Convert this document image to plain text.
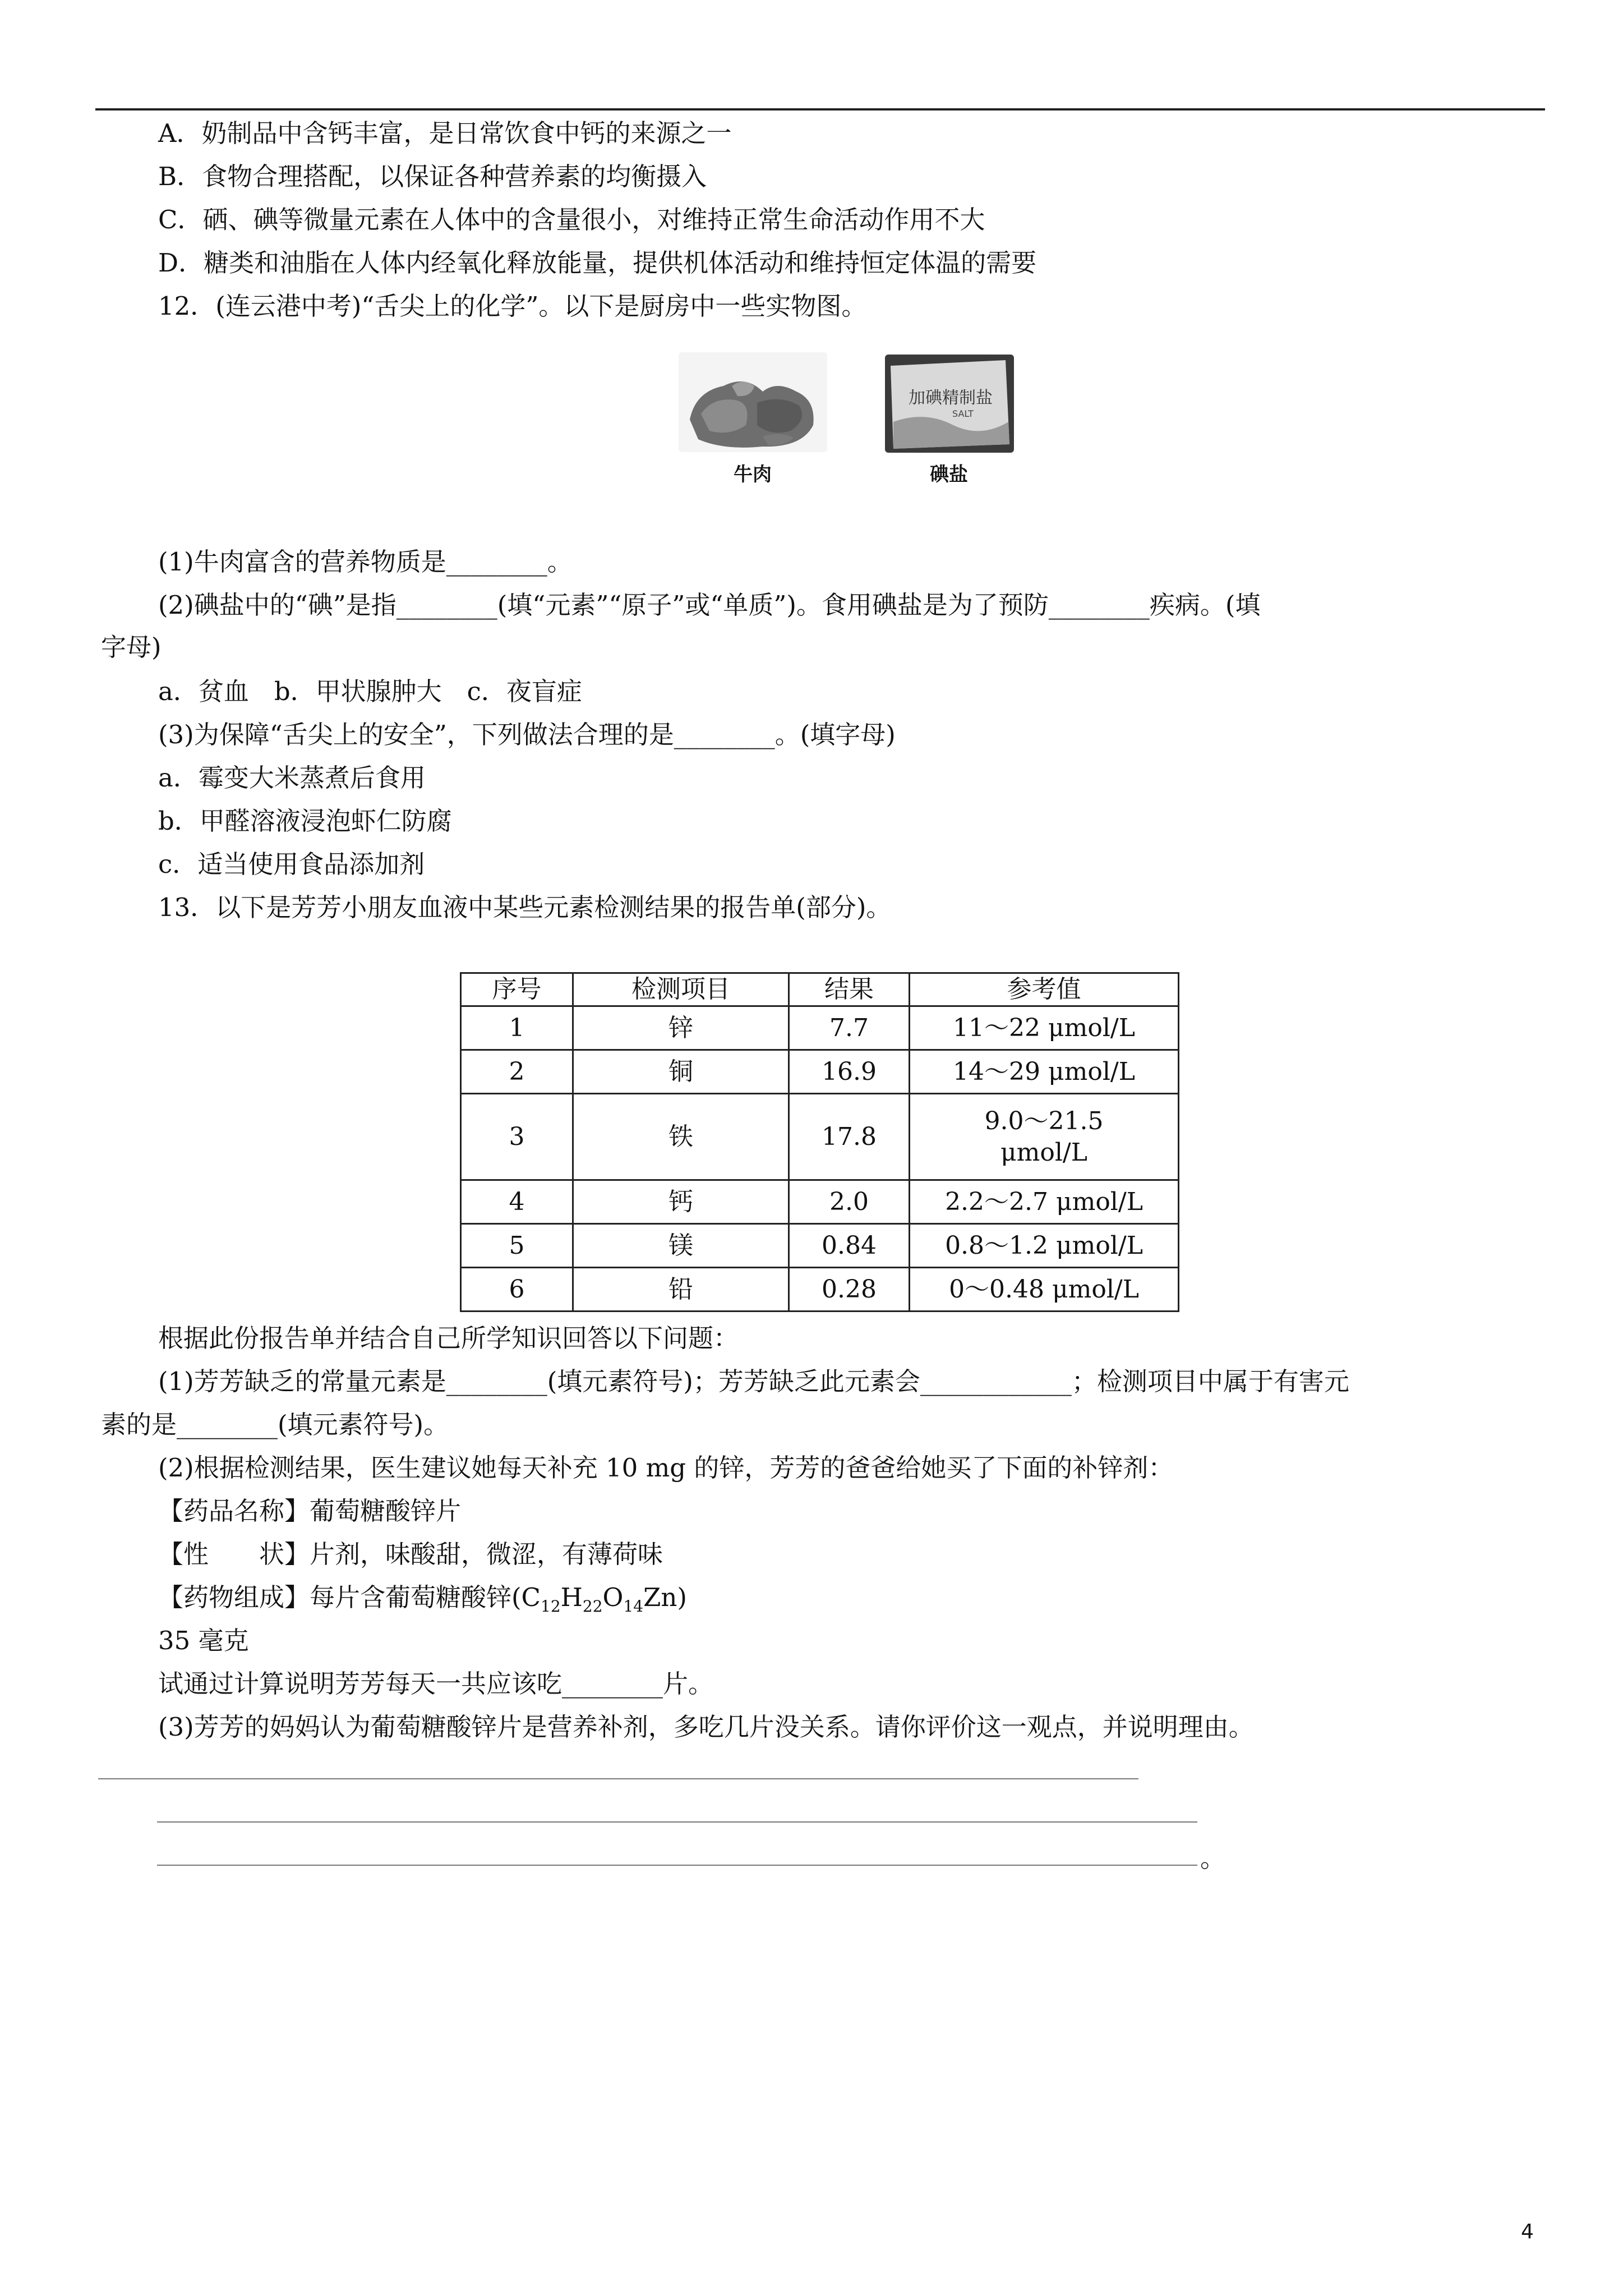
A．奶制品中含钙丰富，是日常饮食中钙的来源之一
B．食物合理搭配，以保证各种营养素的均衡摄入
C．硒、碘等微量元素在人体中的含量很小，对维持正常生命活动作用不大
D．糖类和油脂在人体内经氧化释放能量，提供机体活动和维持恒定体温的需要
12．(连云港中考)“舌尖上的化学”。以下是厨房中一些实物图。
加碘精制盐
SALT
牛肉	碘盐
(1)牛肉富含的营养物质是________。
(2)碘盐中的“碘”是指________(填“元素”“原子”或“单质”)。食用碘盐是为了预防________疾病。(填
字母)
a．贫血　b．甲状腺肿大　c．夜盲症
(3)为保障“舌尖上的安全”，下列做法合理的是________。(填字母)
a．霉变大米蒸煮后食用
b．甲醛溶液浸泡虾仁防腐
c．适当使用食品添加剂
13．以下是芳芳小朋友血液中某些元素检测结果的报告单(部分)。
序号	检测项目	结果	参考值
1	锌	7.7	11～22 μmol/L
2	铜	16.9	14～29 μmol/L
3	铁	17.8	9.0～21.5
μmol/L

4	钙	2.0	2.2～2.7 μmol/L
5	镁	0.84	0.8～1.2 μmol/L
6	铅	0.28	0～0.48 μmol/L
根据此份报告单并结合自己所学知识回答以下问题：
(1)芳芳缺乏的常量元素是________(填元素符号)；芳芳缺乏此元素会____________；检测项目中属于有害元
素的是________(填元素符号)。
(2)根据检测结果，医生建议她每天补充 10 mg 的锌，芳芳的爸爸给她买了下面的补锌剂：
【药品名称】葡萄糖酸锌片
【性　　状】片剂，味酸甜，微涩，有薄荷味
【药物组成】每片含葡萄糖酸锌$(C_{12}H_{22}O_{14}Zn)$
35 毫克
试通过计算说明芳芳每天一共应该吃________片。
(3)芳芳的妈妈认为葡萄糖酸锌片是营养补剂，多吃几片没关系。请你评价这一观点，并说明理由。
。
4
